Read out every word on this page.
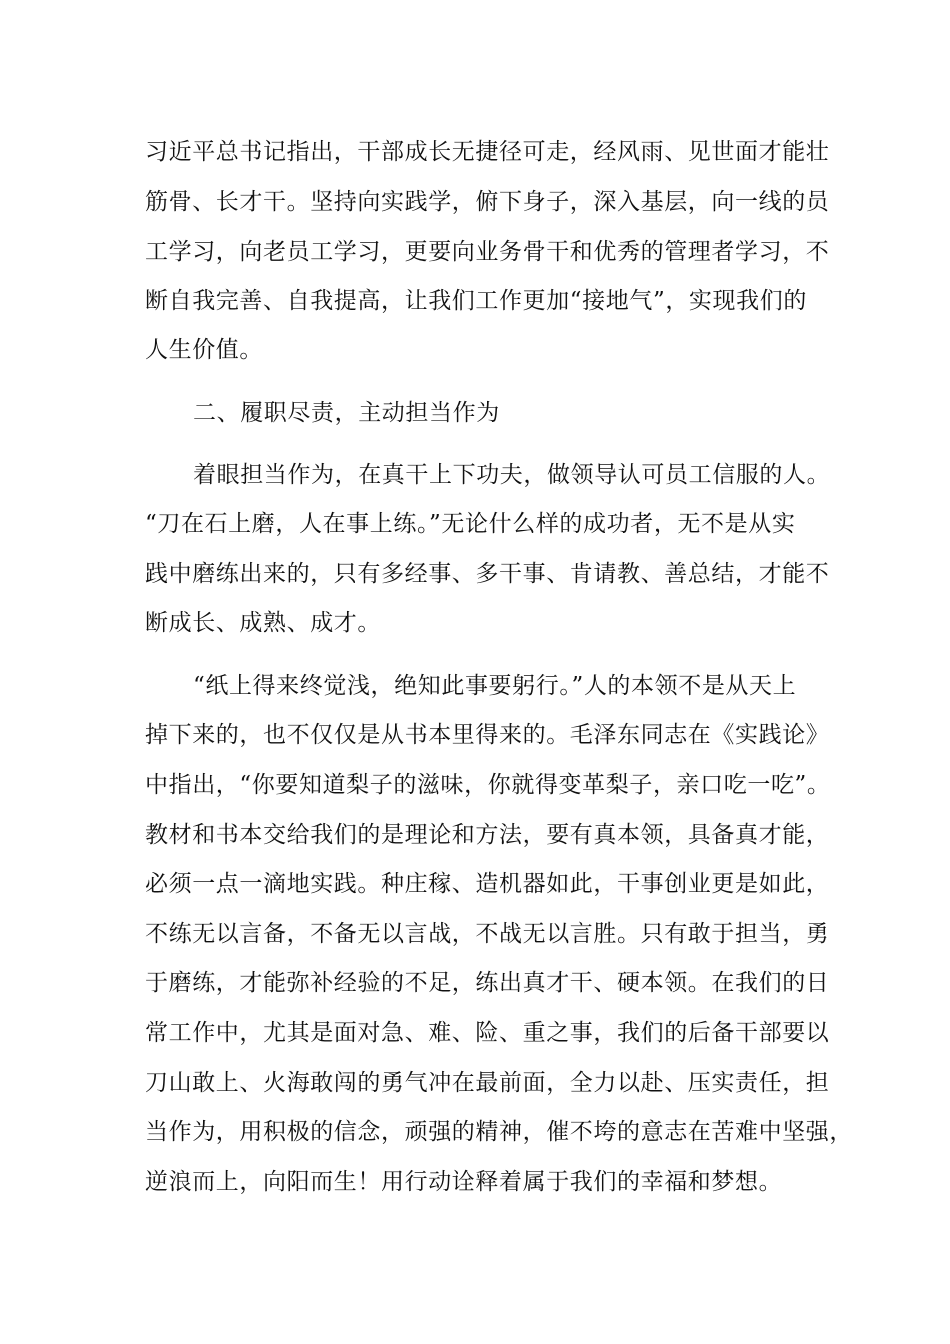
习近平总书记指出，干部成长无捷径可走，经风雨、见世面才能壮
筋骨、长才干。坚持向实践学，俯下身子，深入基层，向一线的员
工学习，向老员工学习，更要向业务骨干和优秀的管理者学习，不
断自我完善、自我提高，让我们工作更加“接地气”，实现我们的
人生价值。
二、履职尽责，主动担当作为
着眼担当作为，在真干上下功夫，做领导认可员工信服的人。
“刀在石上磨，人在事上练。”无论什么样的成功者，无不是从实
践中磨练出来的，只有多经事、多干事、肯请教、善总结，才能不
断成长、成熟、成才。
“纸上得来终觉浅，绝知此事要躬行。”人的本领不是从天上
掉下来的，也不仅仅是从书本里得来的。毛泽东同志在《实践论》
中指出，“你要知道梨子的滋味，你就得变革梨子，亲口吃一吃”。
教材和书本交给我们的是理论和方法，要有真本领，具备真才能，
必须一点一滴地实践。种庄稼、造机器如此，干事创业更是如此，
不练无以言备，不备无以言战，不战无以言胜。只有敢于担当，勇
于磨练，才能弥补经验的不足，练出真才干、硬本领。在我们的日
常工作中，尤其是面对急、难、险、重之事，我们的后备干部要以
刀山敢上、火海敢闯的勇气冲在最前面，全力以赴、压实责任，担
当作为，用积极的信念，顽强的精神，催不垮的意志在苦难中坚强，
逆浪而上，向阳而生！用行动诠释着属于我们的幸福和梦想。
